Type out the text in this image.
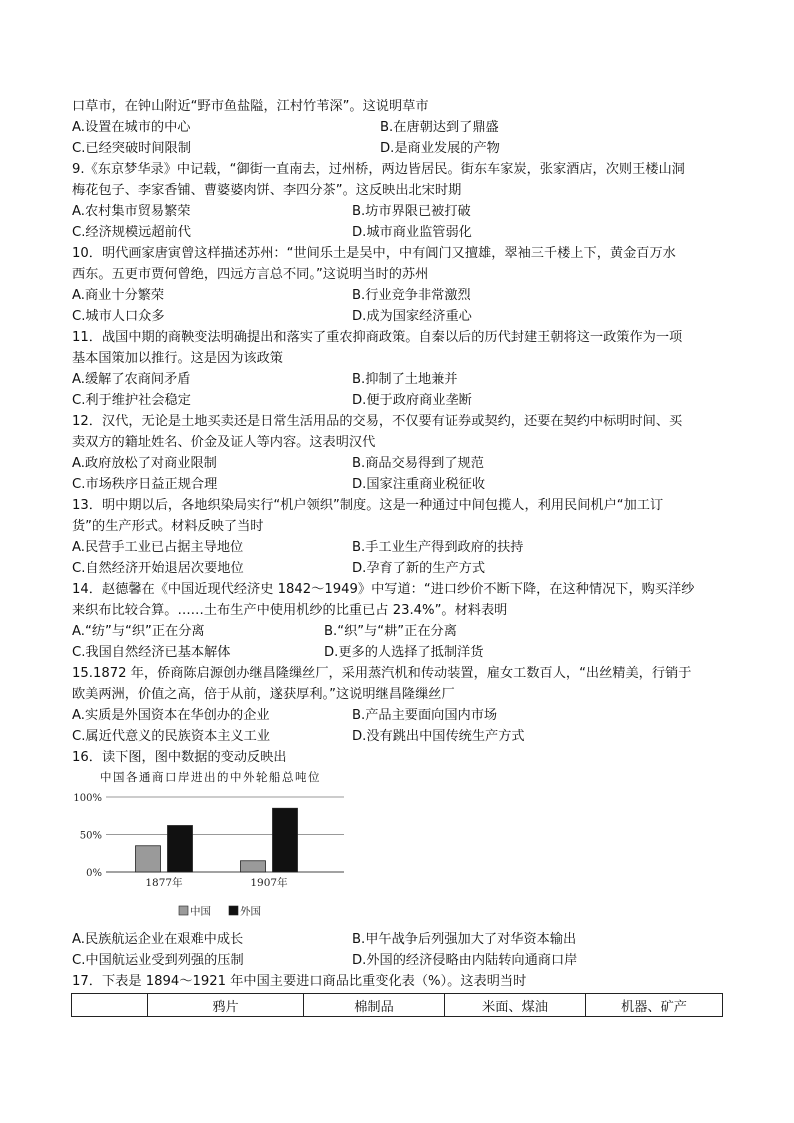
口草市，在钟山附近“野市鱼盐隘，江村竹苇深”。这说明草市
A.设置在城市的中心	B.在唐朝达到了鼎盛
C.已经突破时间限制	D.是商业发展的产物
9.《东京梦华录》中记载，“御街一直南去，过州桥，两边皆居民。街东车家炭，张家酒店，次则王楼山洞
梅花包子、李家香铺、曹婆婆肉饼、李四分茶”。这反映出北宋时期
A.农村集市贸易繁荣	B.坊市界限已被打破
C.经济规模远超前代	D.城市商业监管弱化
10．明代画家唐寅曾这样描述苏州：“世间乐土是吴中，中有阊门又擅雄，翠袖三千楼上下，黄金百万水
西东。五更市贾何曾绝，四远方言总不同。”这说明当时的苏州
A.商业十分繁荣	B.行业竞争非常激烈
C.城市人口众多	D.成为国家经济重心
11．战国中期的商鞅变法明确提出和落实了重农抑商政策。自秦以后的历代封建王朝将这一政策作为一项
基本国策加以推行。这是因为该政策
A.缓解了农商间矛盾	B.抑制了土地兼并
C.利于维护社会稳定	D.便于政府商业垄断
12．汉代，无论是土地买卖还是日常生活用品的交易，不仅要有证券或契约，还要在契约中标明时间、买
卖双方的籍址姓名、价金及证人等内容。这表明汉代
A.政府放松了对商业限制	B.商品交易得到了规范
C.市场秩序日益正规合理	D.国家注重商业税征收
13．明中期以后，各地织染局实行“机户领织”制度。这是一种通过中间包揽人，利用民间机户“加工订
货”的生产形式。材料反映了当时
A.民营手工业已占据主导地位	B.手工业生产得到政府的扶持
C.自然经济开始退居次要地位	D.孕育了新的生产方式
14．赵德馨在《中国近现代经济史 1842～1949》中写道：“进口纱价不断下降，在这种情况下，购买洋纱
来织布比较合算。……土布生产中使用机纱的比重已占 23.4%”。材料表明
A.“纺”与“织”正在分离	B.“织”与“耕”正在分离
C.我国自然经济已基本解体	D.更多的人选择了抵制洋货
15.1872 年，侨商陈启源创办继昌隆缫丝厂，采用蒸汽机和传动装置，雇女工数百人，“出丝精美，行销于
欧美两洲，价值之高，倍于从前，遂获厚利。”这说明继昌隆缫丝厂
A.实质是外国资本在华创办的企业	B.产品主要面向国内市场
C.属近代意义的民族资本主义工业	D.没有跳出中国传统生产方式
16．读下图，图中数据的变动反映出
中国各通商口岸进出的中外轮船总吨位
100%
50%
0%
1877年	1907年
中国	外国
A.民族航运企业在艰难中成长	B.甲午战争后列强加大了对华资本输出
C.中国航运业受到列强的压制	D.外国的经济侵略由内陆转向通商口岸
17．下表是 1894～1921 年中国主要进口商品比重变化表（%）。这表明当时
	鸦片	棉制品	米面、煤油	机器、矿产
